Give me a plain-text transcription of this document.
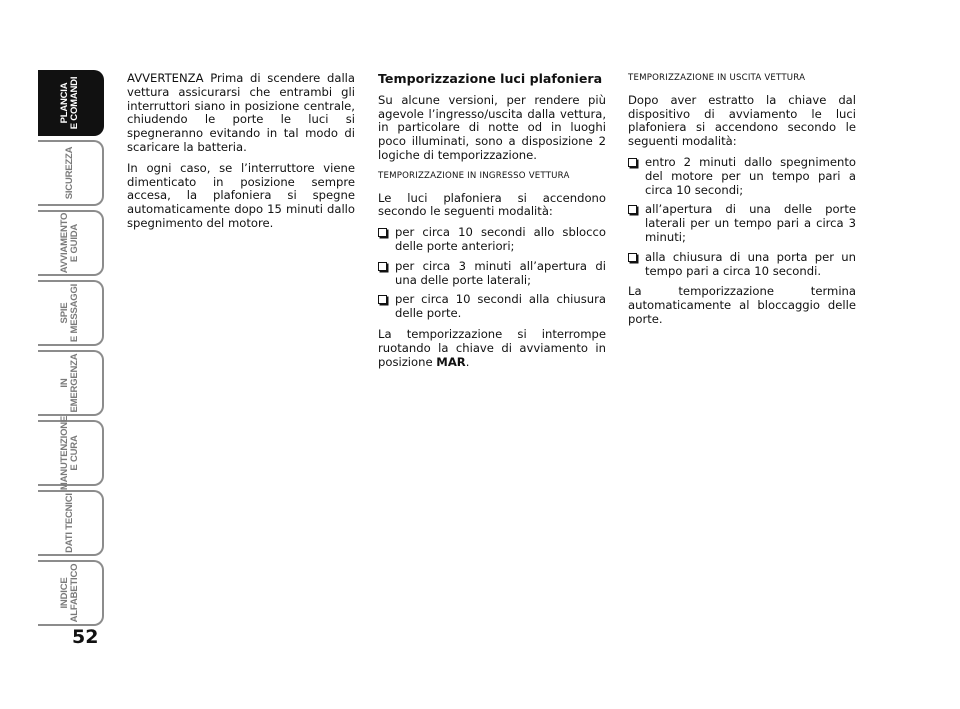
PLANCIA
E COMANDI
SICUREZZA
AVVIAMENTO
E GUIDA
SPIE
E MESSAGGI
IN
EMERGENZA
MANUTENZIONE
E CURA
DATI TECNICI
INDICE
ALFABETICO
52

AVVERTENZA Prima di scendere dalla vettura assicurarsi che entrambi gli interruttori siano in posizione centrale, chiudendo le porte le luci si spegneranno evitando in tal modo di scaricare la batteria.

In ogni caso, se l’interruttore viene dimenticato in posizione sempre accesa, la plafoniera si spegne automaticamente dopo 15 minuti dallo spegnimento del motore.

Temporizzazione luci plafoniera

Su alcune versioni, per rendere più agevole l’ingresso/uscita dalla vettura, in particolare di notte od in luoghi poco illuminati, sono a disposizione 2 logiche di temporizzazione.

TEMPORIZZAZIONE IN INGRESSO VETTURA

Le luci plafoniera si accendono secondo le seguenti modalità:

per circa 10 secondi allo sblocco delle porte anteriori;
per circa 3 minuti all’apertura di una delle porte laterali;
per circa 10 secondi alla chiusura delle porte.

La temporizzazione si interrompe ruotando la chiave di avviamento in posizione MAR.

TEMPORIZZAZIONE IN USCITA VETTURA

Dopo aver estratto la chiave dal dispositivo di avviamento le luci plafoniera si accendono secondo le seguenti modalità:

entro 2 minuti dallo spegnimento del motore per un tempo pari a circa 10 secondi;
all’apertura di una delle porte laterali per un tempo pari a circa 3 minuti;
alla chiusura di una porta per un tempo pari a circa 10 secondi.

La temporizzazione termina automaticamente al bloccaggio delle porte.
